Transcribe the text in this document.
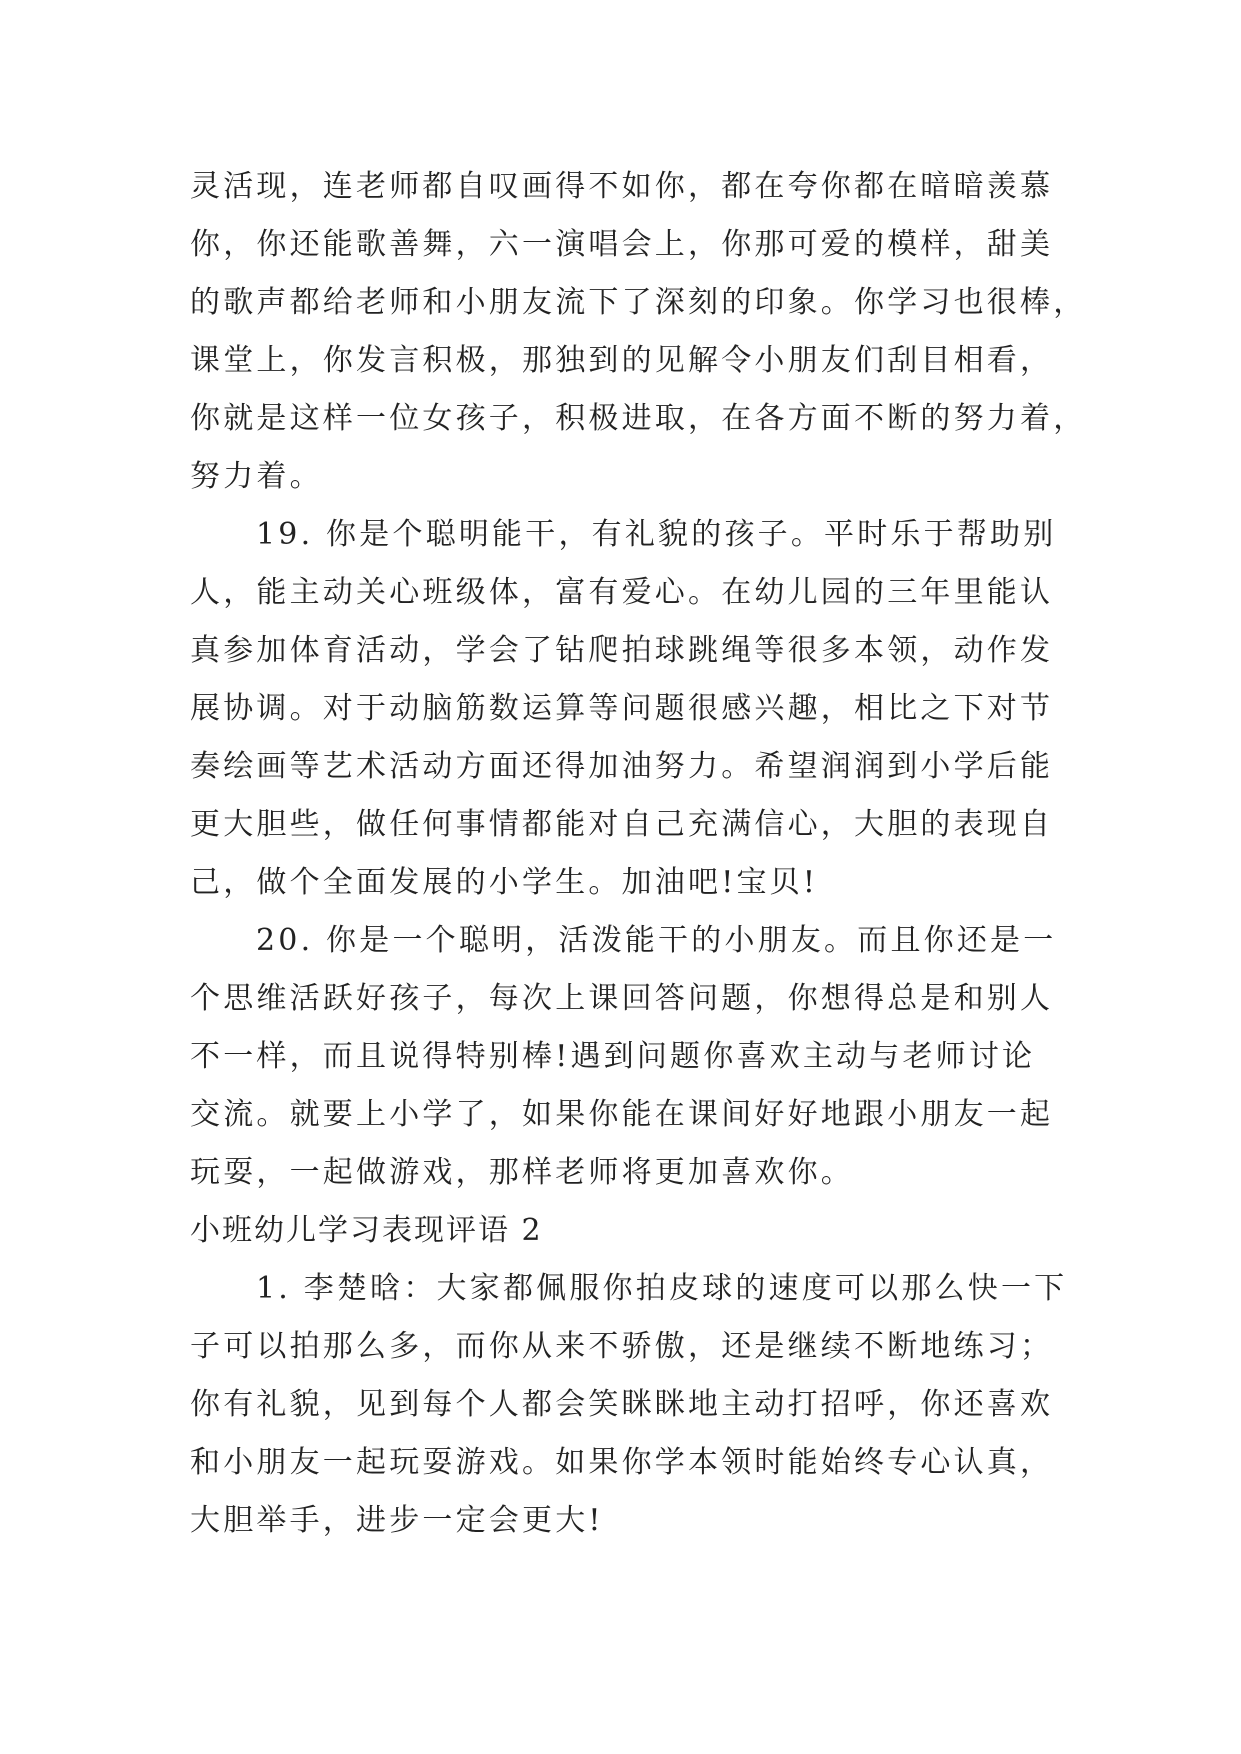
灵活现，连老师都自叹画得不如你，都在夸你都在暗暗羡慕
你，你还能歌善舞，六一演唱会上，你那可爱的模样，甜美
的歌声都给老师和小朋友流下了深刻的印象。你学习也很棒，
课堂上，你发言积极，那独到的见解令小朋友们刮目相看，
你就是这样一位女孩子，积极进取，在各方面不断的努力着，
努力着。
19. 你是个聪明能干，有礼貌的孩子。平时乐于帮助别
人，能主动关心班级体，富有爱心。在幼儿园的三年里能认
真参加体育活动，学会了钻爬拍球跳绳等很多本领，动作发
展协调。对于动脑筋数运算等问题很感兴趣，相比之下对节
奏绘画等艺术活动方面还得加油努力。希望润润到小学后能
更大胆些，做任何事情都能对自己充满信心，大胆的表现自
己，做个全面发展的小学生。加油吧!宝贝!
20. 你是一个聪明，活泼能干的小朋友。而且你还是一
个思维活跃好孩子，每次上课回答问题，你想得总是和别人
不一样，而且说得特别棒!遇到问题你喜欢主动与老师讨论
交流。就要上小学了，如果你能在课间好好地跟小朋友一起
玩耍，一起做游戏，那样老师将更加喜欢你。
小班幼儿学习表现评语 2
1. 李楚晗：大家都佩服你拍皮球的速度可以那么快一下
子可以拍那么多，而你从来不骄傲，还是继续不断地练习；
你有礼貌，见到每个人都会笑眯眯地主动打招呼，你还喜欢
和小朋友一起玩耍游戏。如果你学本领时能始终专心认真，
大胆举手，进步一定会更大!
